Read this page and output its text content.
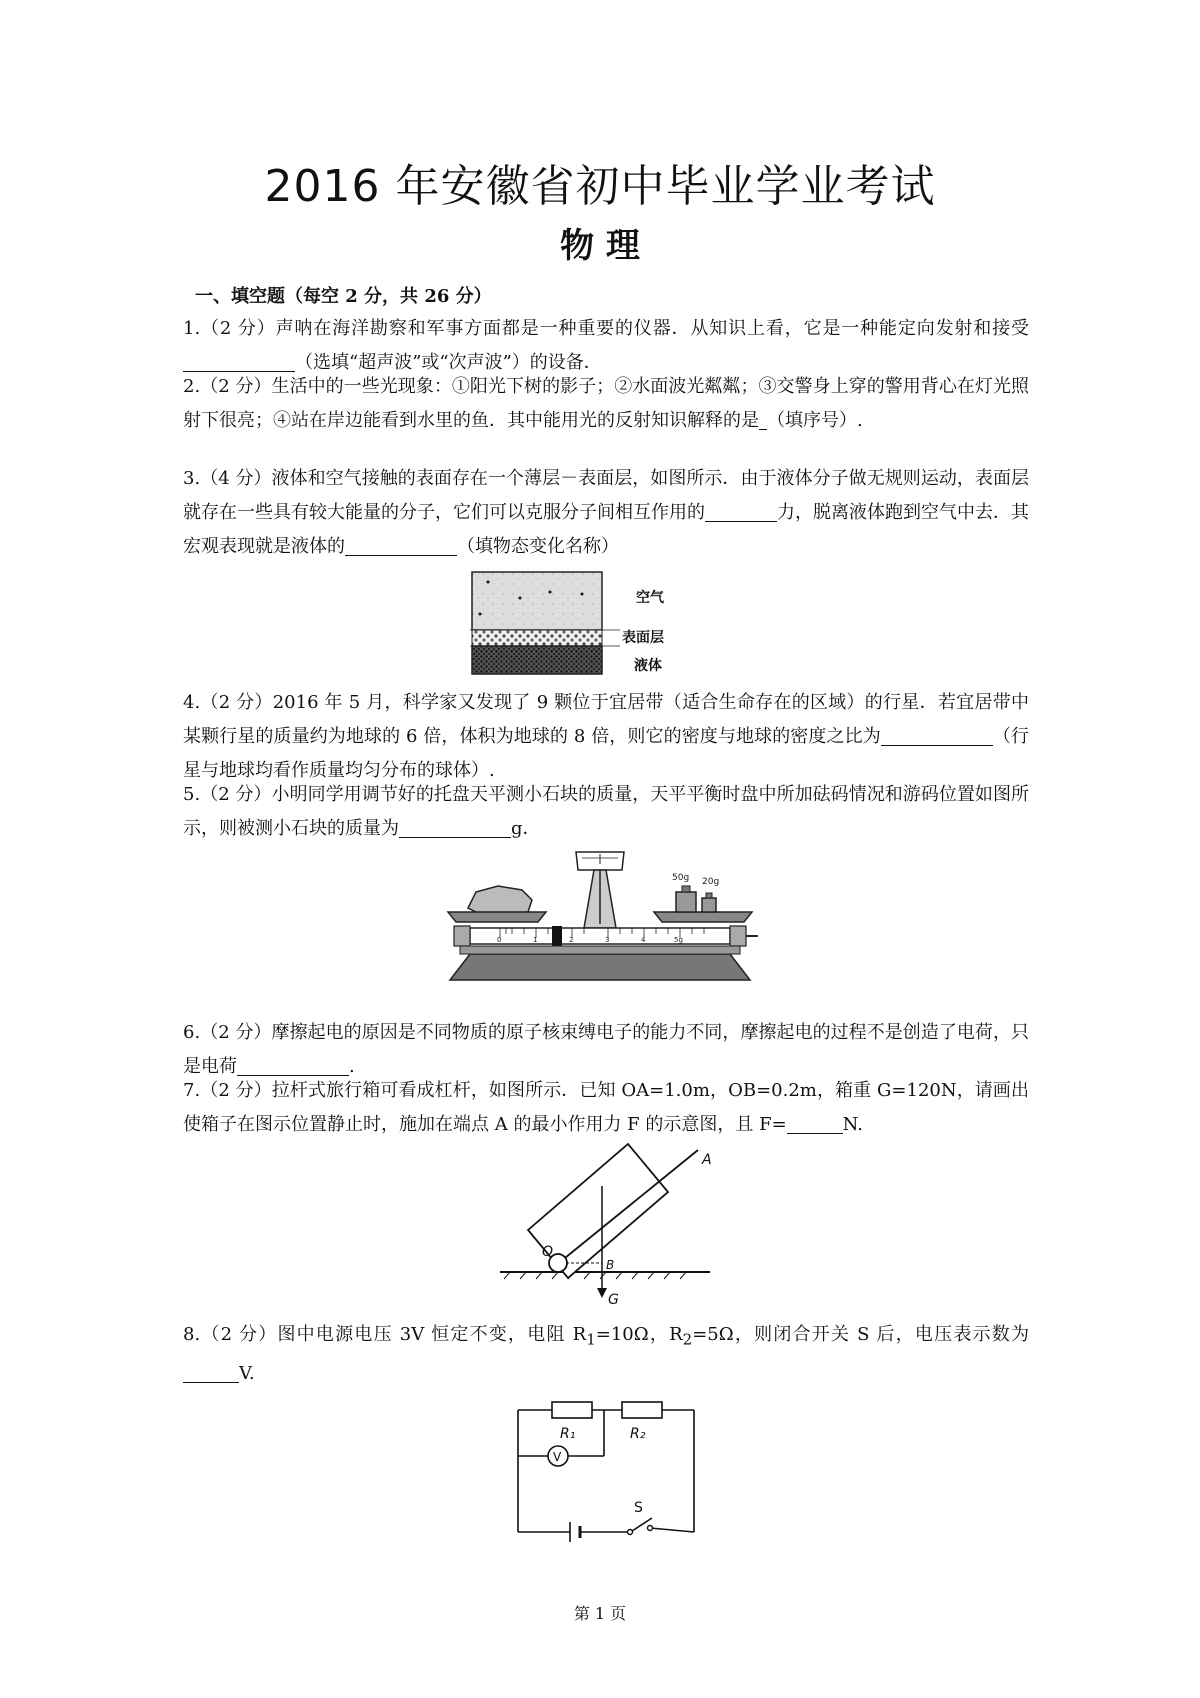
2016 年安徽省初中毕业学业考试
物 理
一、填空题（每空 2 分，共 26 分）
1.（2 分）声呐在海洋勘察和军事方面都是一种重要的仪器．从知识上看，它是一种能定向发射和接受（选填“超声波”或“次声波”）的设备．
2.（2 分）生活中的一些光现象：①阳光下树的影子；②水面波光粼粼；③交警身上穿的警用背心在灯光照射下很亮；④站在岸边能看到水里的鱼．其中能用光的反射知识解释的是 （填序号）.
3.（4 分）液体和空气接触的表面存在一个薄层－表面层，如图所示．由于液体分子做无规则运动，表面层就存在一些具有较大能量的分子，它们可以克服分子间相互作用的	力，脱离液体跑到空气中去．其宏观表现就是液体的	（填物态变化名称）
空气
表面层
液体
4.（2 分）2016 年 5 月，科学家又发现了 9 颗位于宜居带（适合生命存在的区域）的行星．若宜居带中某颗行星的质量约为地球的 6 倍，体积为地球的 8 倍，则它的密度与地球的密度之比为	（行星与地球均看作质量均匀分布的球体）.
5.（2 分）小明同学用调节好的托盘天平测小石块的质量，天平平衡时盘中所加砝码情况和游码位置如图所示，则被测小石块的质量为	g．
50g 20g
0	1	2	3	4	5g
6.（2 分）摩擦起电的原因是不同物质的原子核束缚电子的能力不同，摩擦起电的过程不是创造了电荷，只是电荷	.
7.（2 分）拉杆式旅行箱可看成杠杆，如图所示．已知 OA=1.0m，OB=0.2m，箱重 G=120N，请画出使箱子在图示位置静止时，施加在端点 A 的最小作用力 F 的示意图，且 F=	N.
A
O
B
G
8.（2 分）图中电源电压 3V 恒定不变，电阻 $R_1=10\Omega$，$R_2=5\Omega$，则闭合开关 S 后，电压表示数为V.
R₁	R₂
V
S
第 1 页
